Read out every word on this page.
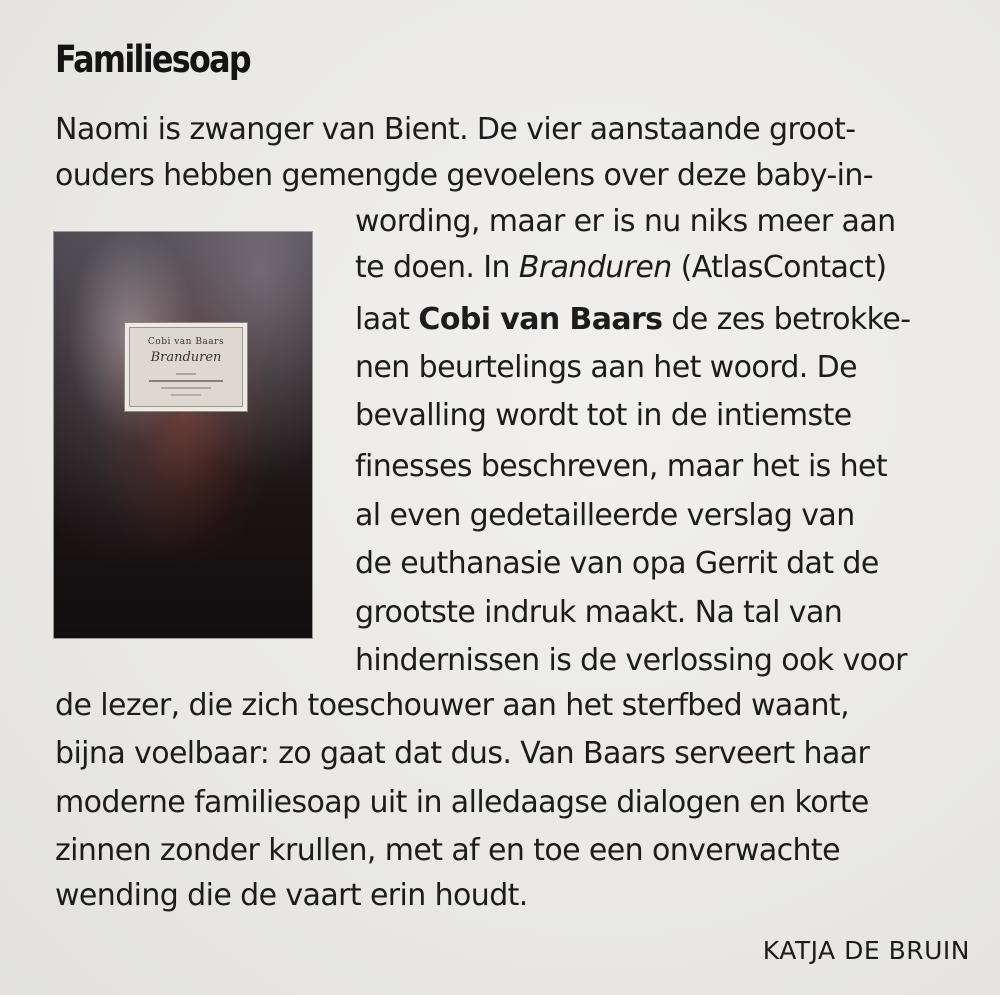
Familiesoap
Naomi is zwanger van Bient. De vier aanstaande groot-
ouders hebben gemengde gevoelens over deze baby-in-
wording, maar er is nu niks meer aan
te doen. In Branduren (AtlasContact)
laat Cobi van Baars de zes betrokke-
nen beurtelings aan het woord. De
bevalling wordt tot in de intiemste
finesses beschreven, maar het is het
al even gedetailleerde verslag van
de euthanasie van opa Gerrit dat de
grootste indruk maakt. Na tal van
hindernissen is de verlossing ook voor
de lezer, die zich toeschouwer aan het sterfbed waant,
bijna voelbaar: zo gaat dat dus. Van Baars serveert haar
moderne familiesoap uit in alledaagse dialogen en korte
zinnen zonder krullen, met af en toe een onverwachte
wending die de vaart erin houdt.
KATJA DE BRUIN
Cobi van Baars
Branduren
